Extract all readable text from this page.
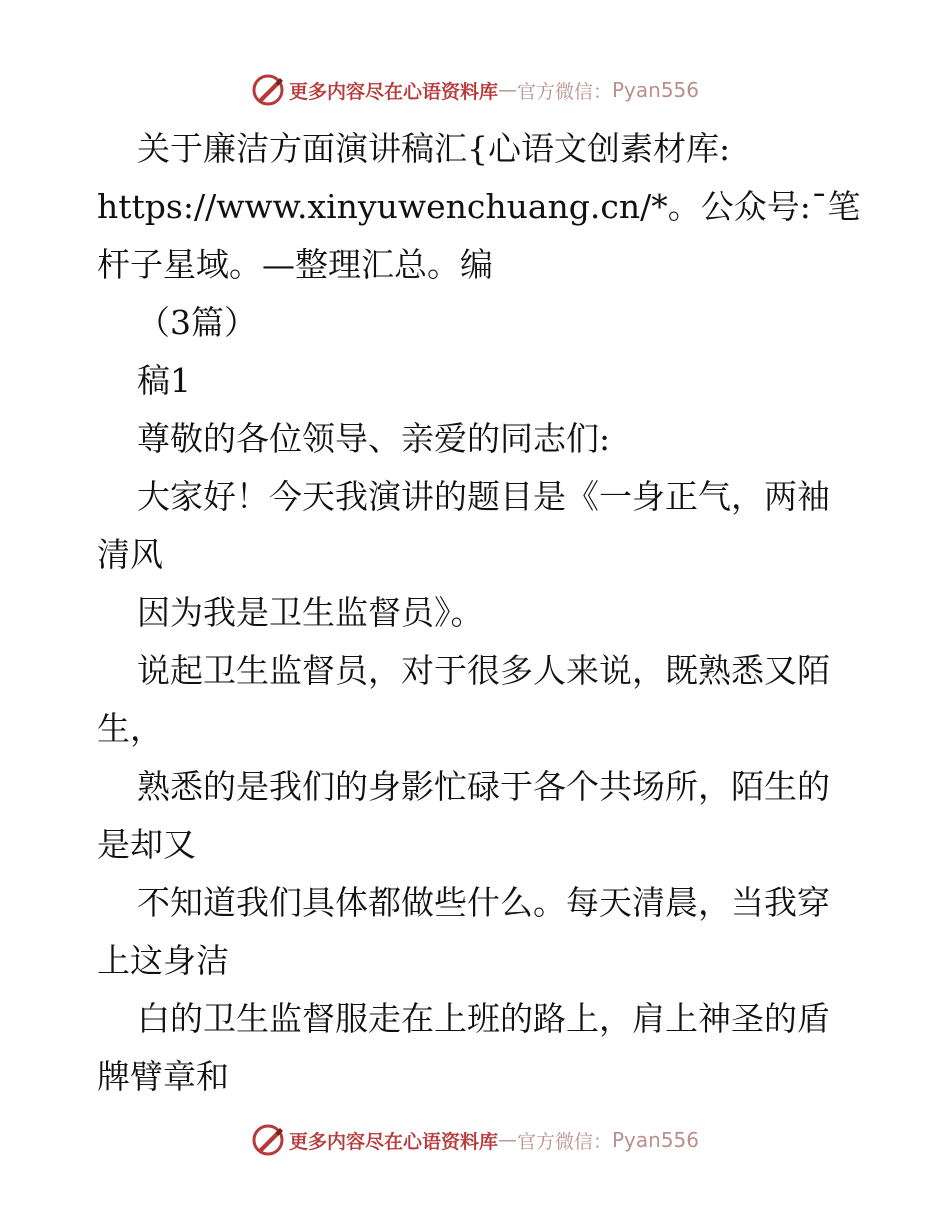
更多内容尽在心语资料库 — 官方微信： Pyan556

关于廉洁方面演讲稿汇{心语文创素材库:

https://www.xinyuwenchuang.cn/*。公众号:¯笔

杆子星域。—整理汇总。编

（3篇）

稿1

尊敬的各位领导、亲爱的同志们:

大家好！今天我演讲的题目是《一身正气，两袖

清风

因为我是卫生监督员》。

说起卫生监督员，对于很多人来说，既熟悉又陌

生，

熟悉的是我们的身影忙碌于各个共场所，陌生的

是却又

不知道我们具体都做些什么。每天清晨，当我穿

上这身洁

白的卫生监督服走在上班的路上，肩上神圣的盾

牌臂章和

更多内容尽在心语资料库 — 官方微信： Pyan556
